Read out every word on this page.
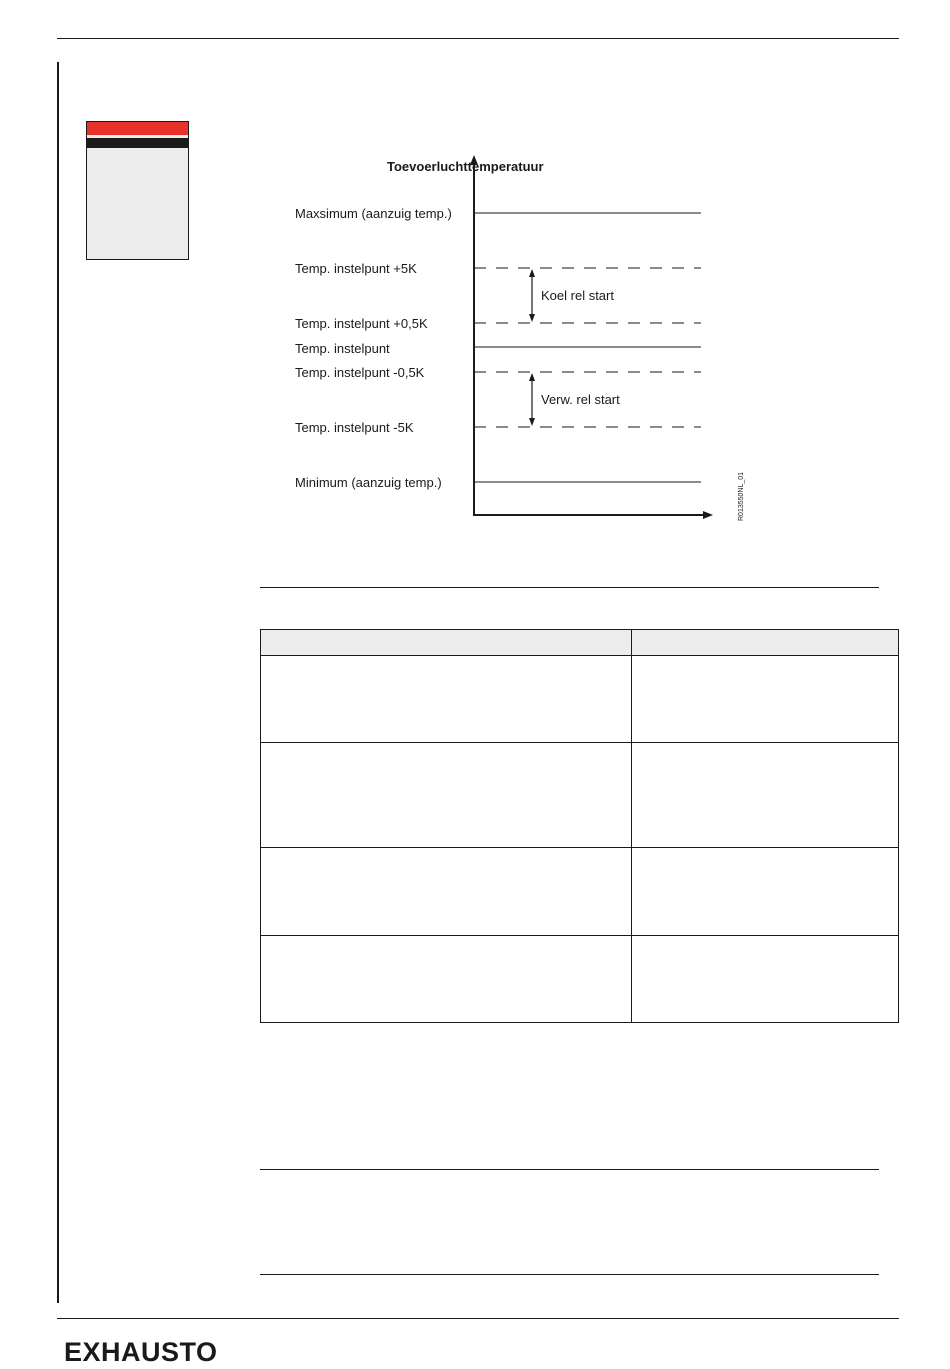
Toevoerluchttemperatuur
Maxsimum (aanzuig temp.)
Temp. instelpunt +5K
Temp. instelpunt +0,5K
Temp. instelpunt
Temp. instelpunt -0,5K
Temp. instelpunt -5K
Minimum (aanzuig temp.)
Koel rel start
Verw. rel start
R013550NL_01

EXHAUSTO
